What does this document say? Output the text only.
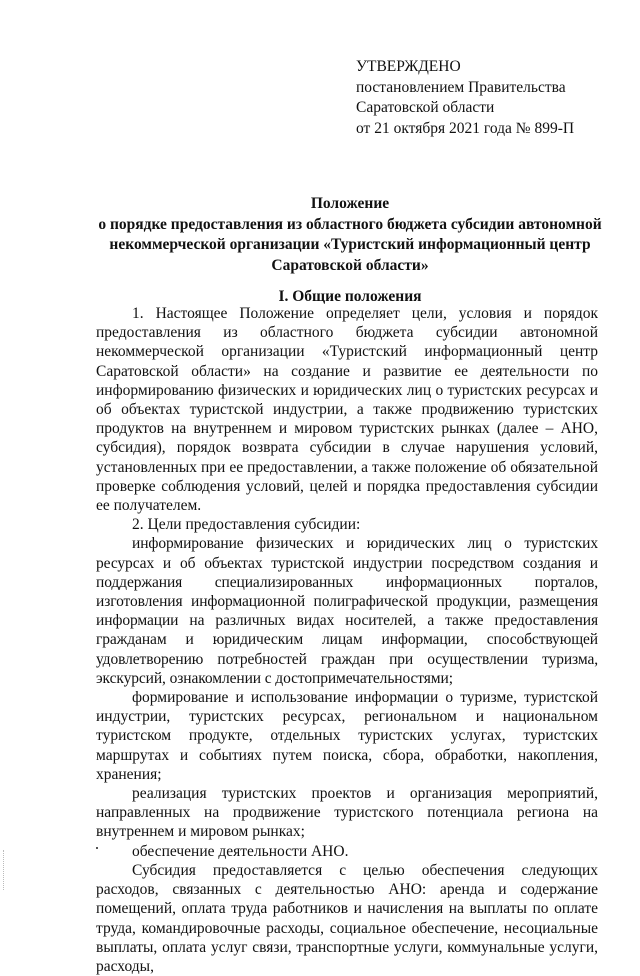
УТВЕРЖДЕНО
постановлением Правительства
Саратовской области
от 21 октября 2021 года № 899-П
Положение
о порядке предоставления из областного бюджета субсидии автономной
некоммерческой организации «Туристский информационный центр
Саратовской области»
I. Общие положения

1. Настоящее Положение определяет цели, условия и порядок предоставления из областного бюджета субсидии автономной некоммерческой организации «Туристский информационный центр Саратовской области» на создание и развитие ее деятельности по информированию физических и юридических лиц о туристских ресурсах и об объектах туристской индустрии, а также продвижению туристских продуктов на внутреннем и мировом туристских рынках (далее – АНО, субсидия), порядок возврата субсидии в случае нарушения условий, установленных при ее предоставлении, а также положение об обязательной проверке соблюдения условий, целей и порядка предоставления субсидии ее получателем.

2. Цели предоставления субсидии:

информирование физических и юридических лиц о туристских ресурсах и об объектах туристской индустрии посредством создания и поддержания специализированных информационных порталов, изготовления информационной полиграфической продукции, размещения информации на различных видах носителей, а также предоставления гражданам и юридическим лицам информации, способствующей удовлетворению потребностей граждан при осуществлении туризма, экскурсий, ознакомлении с достопримечательностями;

формирование и использование информации о туризме, туристской индустрии, туристских ресурсах, региональном и национальном туристском продукте, отдельных туристских услугах, туристских маршрутах и событиях путем поиска, сбора, обработки, накопления, хранения;

реализация туристских проектов и организация мероприятий, направленных на продвижение туристского потенциала региона на внутреннем и мировом рынках;

обеспечение деятельности АНО.

Субсидия предоставляется с целью обеспечения следующих расходов, связанных с деятельностью АНО: аренда и содержание помещений, оплата труда работников и начисления на выплаты по оплате труда, командировочные расходы, социальное обеспечение, несоциальные выплаты, оплата услуг связи, транспортные услуги, коммунальные услуги, расходы,
